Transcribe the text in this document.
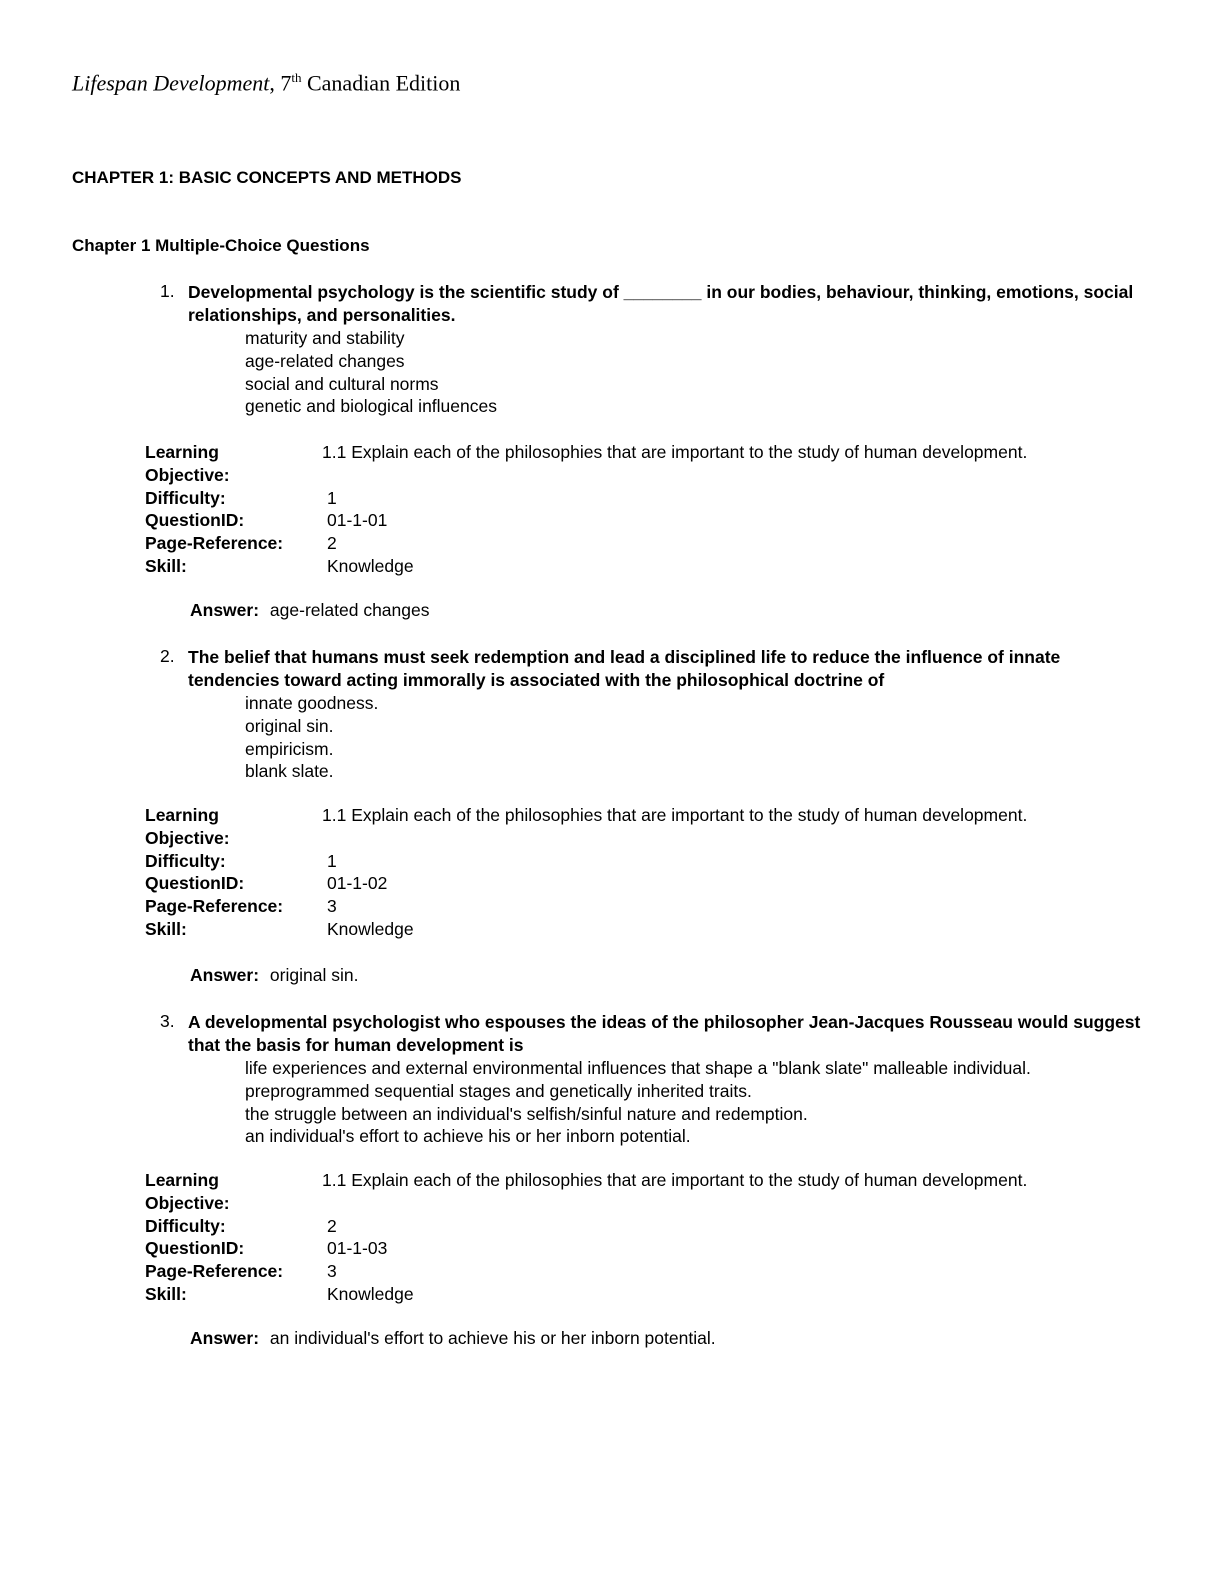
Lifespan Development, 7th Canadian Edition
CHAPTER 1: BASIC CONCEPTS AND METHODS
Chapter 1 Multiple-Choice Questions
1. Developmental psychology is the scientific study of ________ in our bodies, behaviour, thinking, emotions, social relationships, and personalities.
maturity and stability
age-related changes
social and cultural norms
genetic and biological influences
Learning
Objective:
1.1 Explain each of the philosophies that are important to the study of human development.
Difficulty:	1
QuestionID:	01-1-01
Page-Reference:	2
Skill:	Knowledge
Answer: age-related changes
2. The belief that humans must seek redemption and lead a disciplined life to reduce the influence of innate tendencies toward acting immorally is associated with the philosophical doctrine of
innate goodness.
original sin.
empiricism.
blank slate.
Learning
Objective:
1.1 Explain each of the philosophies that are important to the study of human development.
Difficulty:	1
QuestionID:	01-1-02
Page-Reference:	3
Skill:	Knowledge
Answer: original sin.
3. A developmental psychologist who espouses the ideas of the philosopher Jean-Jacques Rousseau would suggest that the basis for human development is
life experiences and external environmental influences that shape a "blank slate" malleable individual.
preprogrammed sequential stages and genetically inherited traits.
the struggle between an individual's selfish/sinful nature and redemption.
an individual's effort to achieve his or her inborn potential.
Learning
Objective:
1.1 Explain each of the philosophies that are important to the study of human development.
Difficulty:	2
QuestionID:	01-1-03
Page-Reference:	3
Skill:	Knowledge
Answer: an individual's effort to achieve his or her inborn potential.
